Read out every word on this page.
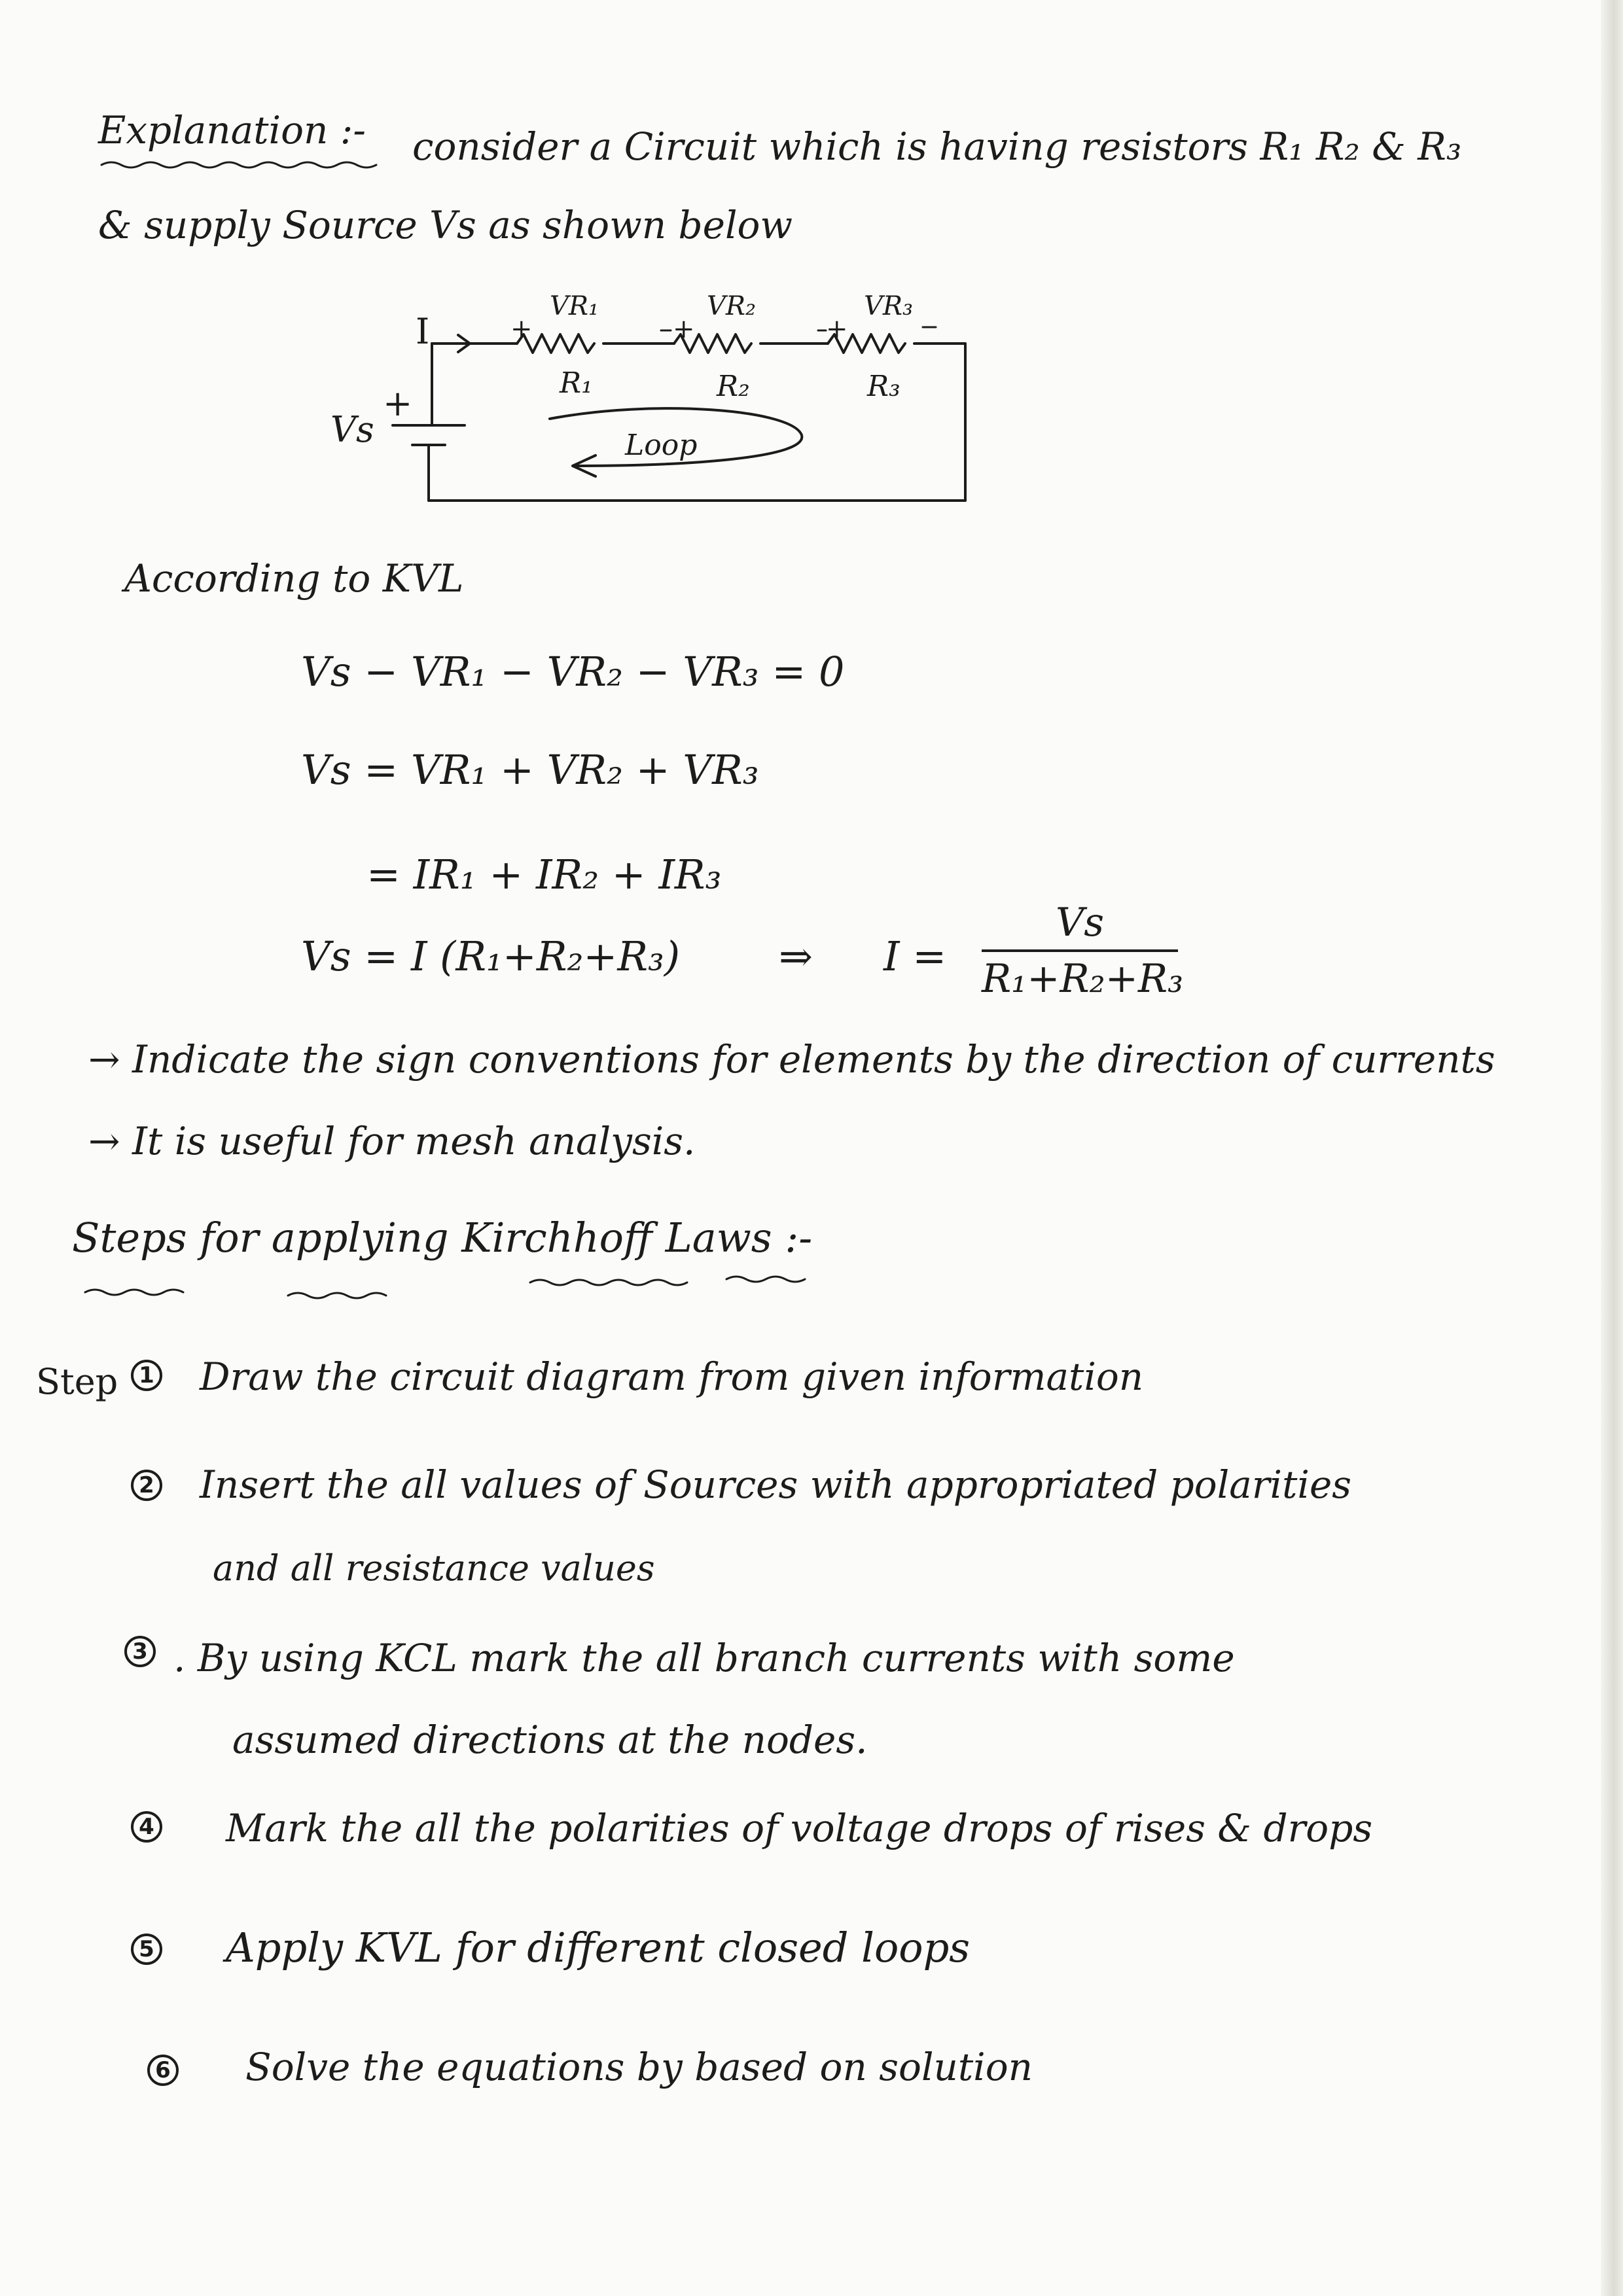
Explanation :- consider a Circuit which is having resistors R₁ R₂ & R₃
& supply Source Vs as shown below
I
+
Vs
+	+	+
VR₁	VR₂	VR₃
R₁	R₂	R₃
Loop
According to KVL
Vs − VR₁ − VR₂ − VR₃ = 0
Vs = VR₁ + VR₂ + VR₃
= IR₁ + IR₂ + IR₃
Vs = I (R₁+R₂+R₃) ⇒ I =
Vs
R₁+R₂+R₃
→ Indicate the sign conventions for elements by the direction of currents
→ It is useful for mesh analysis.
Steps for applying Kirchhoff Laws :-
Step 1 Draw the circuit diagram from given information
2 Insert the all values of Sources with appropriated polarities
and all resistance values
3 . By using KCL mark the all branch currents with some
assumed directions at the nodes.
4 Mark the all the polarities of voltage drops of rises & drops
5 Apply KVL for different closed loops
6 Solve the equations by based on solution
